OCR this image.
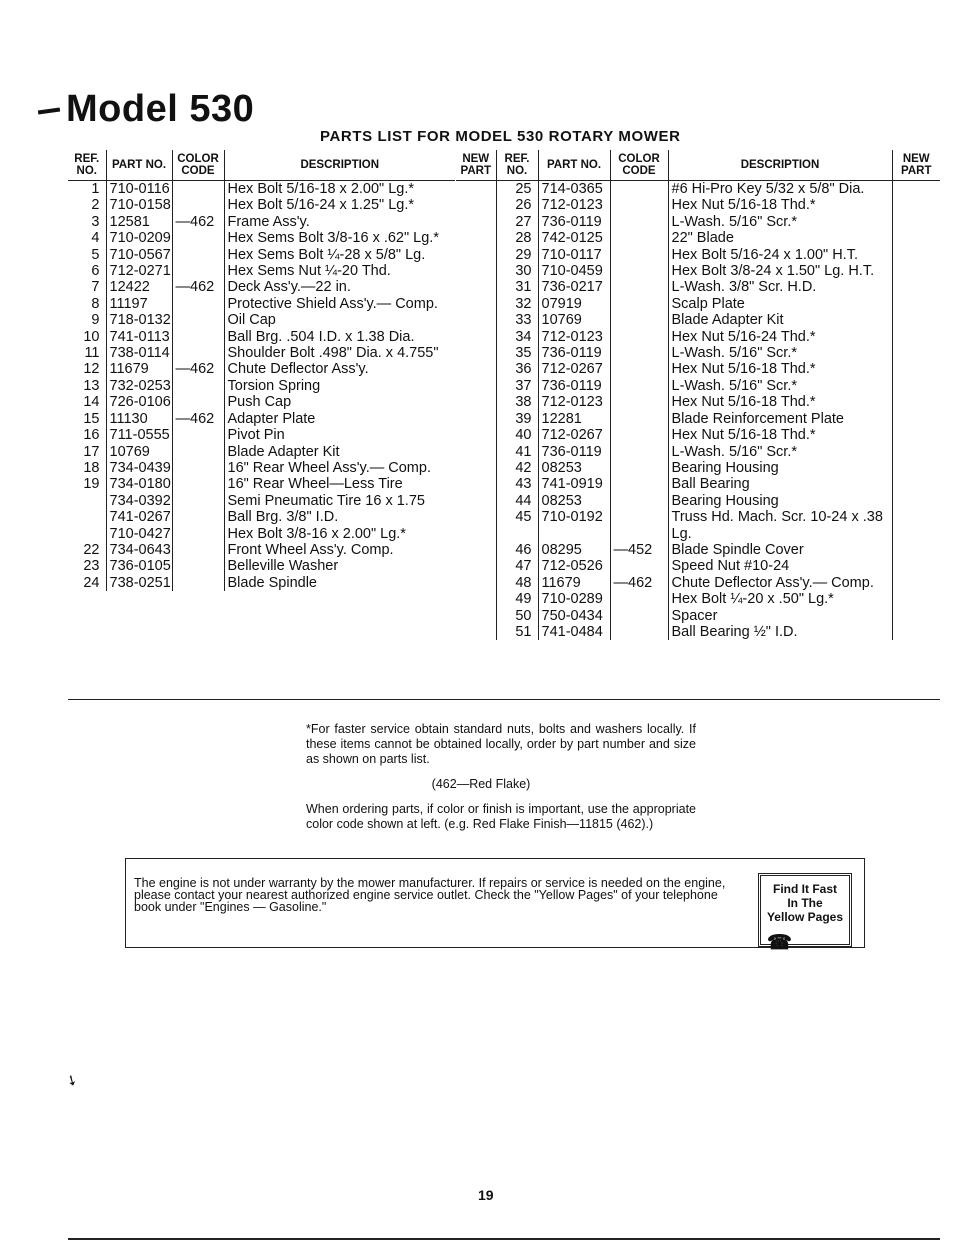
Model 530
PARTS LIST FOR MODEL 530 ROTARY MOWER
REF. NO.	PART NO.	COLOR CODE	DESCRIPTION
1	710-0116		Hex Bolt 5/16-18 x 2.00" Lg.*
2	710-0158		Hex Bolt 5/16-24 x 1.25" Lg.*
3	12581	—462	Frame Ass'y.
4	710-0209		Hex Sems Bolt 3/8-16 x .62" Lg.*
5	710-0567		Hex Sems Bolt ¼-28 x 5/8" Lg.
6	712-0271		Hex Sems Nut ¼-20 Thd.
7	12422	—462	Deck Ass'y.—22 in.
8	11197		Protective Shield Ass'y.— Comp.
9	718-0132		Oil Cap
10	741-0113		Ball Brg. .504 I.D. x 1.38 Dia.
11	738-0114		Shoulder Bolt .498" Dia. x 4.755"
12	11679	—462	Chute Deflector Ass'y.
13	732-0253		Torsion Spring
14	726-0106		Push Cap
15	11130	—462	Adapter Plate
16	711-0555		Pivot Pin
17	10769		Blade Adapter Kit
18	734-0439		16" Rear Wheel Ass'y.— Comp.
19	734-0180		16" Rear Wheel—Less Tire
	734-0392		Semi Pneumatic Tire 16 x 1.75
	741-0267		Ball Brg. 3/8" I.D.
	710-0427		Hex Bolt 3/8-16 x 2.00" Lg.*
22	734-0643		Front Wheel Ass'y. Comp.
23	736-0105		Belleville Washer
24	738-0251		Blade Spindle
NEW PART	REF. NO.	PART NO.	COLOR CODE	DESCRIPTION	NEW PART
	25	714-0365		#6 Hi-Pro Key 5/32 x 5/8" Dia.	
	26	712-0123		Hex Nut 5/16-18 Thd.*	
	27	736-0119		L-Wash. 5/16" Scr.*	
	28	742-0125		22" Blade	
	29	710-0117		Hex Bolt 5/16-24 x 1.00" H.T.	
	30	710-0459		Hex Bolt 3/8-24 x 1.50" Lg. H.T.	
	31	736-0217		L-Wash. 3/8" Scr. H.D.	
	32	07919		Scalp Plate	
	33	10769		Blade Adapter Kit	
	34	712-0123		Hex Nut 5/16-24 Thd.*	
	35	736-0119		L-Wash. 5/16" Scr.*	
	36	712-0267		Hex Nut 5/16-18 Thd.*	
	37	736-0119		L-Wash. 5/16" Scr.*	
	38	712-0123		Hex Nut 5/16-18 Thd.*	
	39	12281		Blade Reinforcement Plate	
	40	712-0267		Hex Nut 5/16-18 Thd.*	
	41	736-0119		L-Wash. 5/16" Scr.*	
	42	08253		Bearing Housing	
	43	741-0919		Ball Bearing	
	44	08253		Bearing Housing	
	45	710-0192		Truss Hd. Mach. Scr. 10-24 x .38 Lg.	
	46	08295	—452	Blade Spindle Cover	
	47	712-0526		Speed Nut #10-24	
	48	11679	—462	Chute Deflector Ass'y.— Comp.	
	49	710-0289		Hex Bolt ¼-20 x .50" Lg.*	
	50	750-0434		Spacer	
	51	741-0484		Ball Bearing ½" I.D.	

*For faster service obtain standard nuts, bolts and washers locally. If these items cannot be obtained locally, order by part number and size as shown on parts list.

(462—Red Flake)

When ordering parts, if color or finish is important, use the appropriate color code shown at left. (e.g. Red Flake Finish—11815 (462).)

The engine is not under warranty by the mower manufacturer. If repairs or service is needed on the engine, please contact your nearest authorized engine service outlet. Check the "Yellow Pages" of your telephone book under "Engines — Gasoline."
Find It Fast
In The
Yellow Pages
☎
➘
19
